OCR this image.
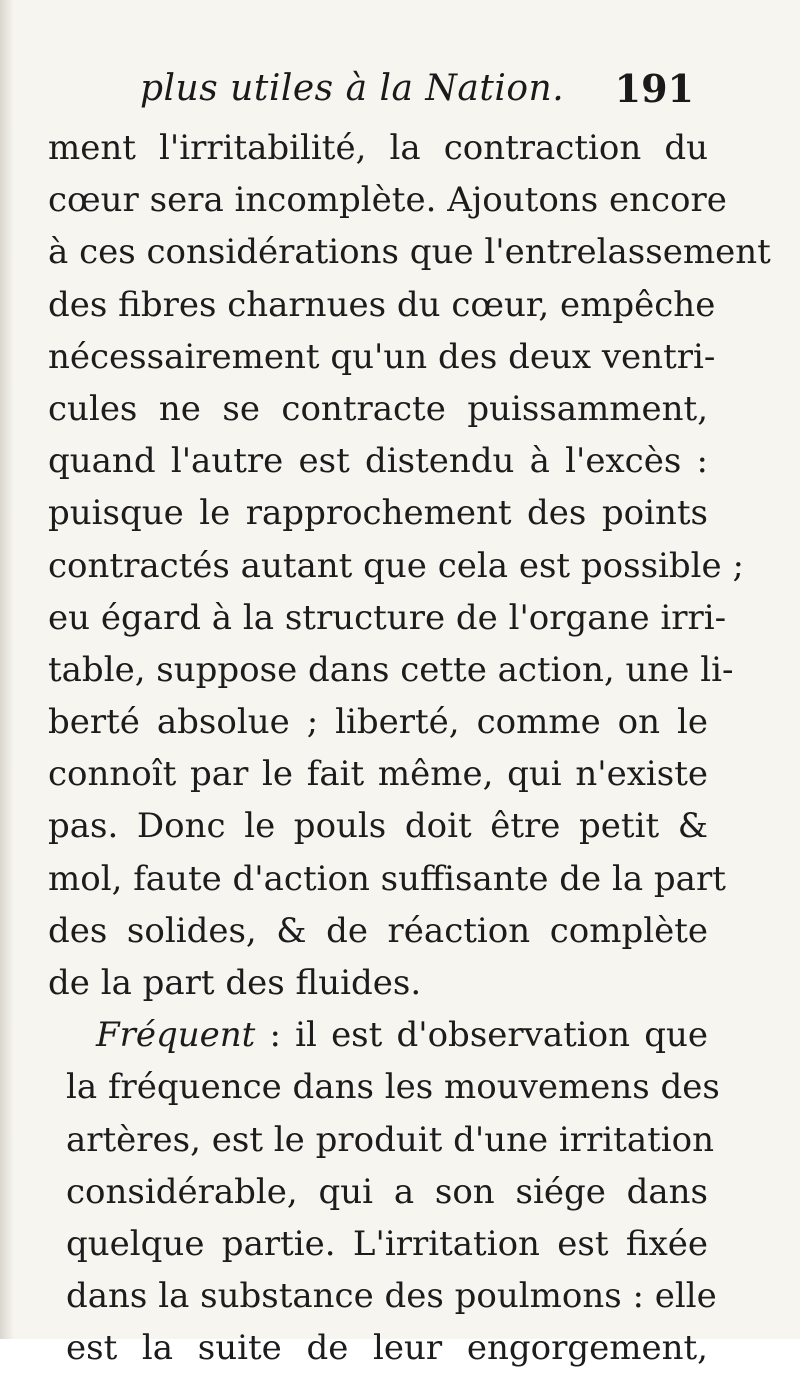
plus utiles à la Nation. 191
ment l'irritabilité, la contraction du
cœur sera incomplète. Ajoutons encore
à ces considérations que l'entrelassement
des fibres charnues du cœur, empêche
nécessairement qu'un des deux ventri-
cules ne se contracte puissamment,
quand l'autre est distendu à l'excès :
puisque le rapprochement des points
contractés autant que cela est possible ;
eu égard à la structure de l'organe irri-
table, suppose dans cette action, une li-
berté absolue ; liberté, comme on le
connoît par le fait même, qui n'existe
pas. Donc le pouls doit être petit &
mol, faute d'action suffisante de la part
des solides, & de réaction complète
de la part des fluides.
Fréquent : il est d'observation que
la fréquence dans les mouvemens des
artères, est le produit d'une irritation
considérable, qui a son siége dans
quelque partie. L'irritation est fixée
dans la substance des poulmons : elle
est la suite de leur engorgement,
